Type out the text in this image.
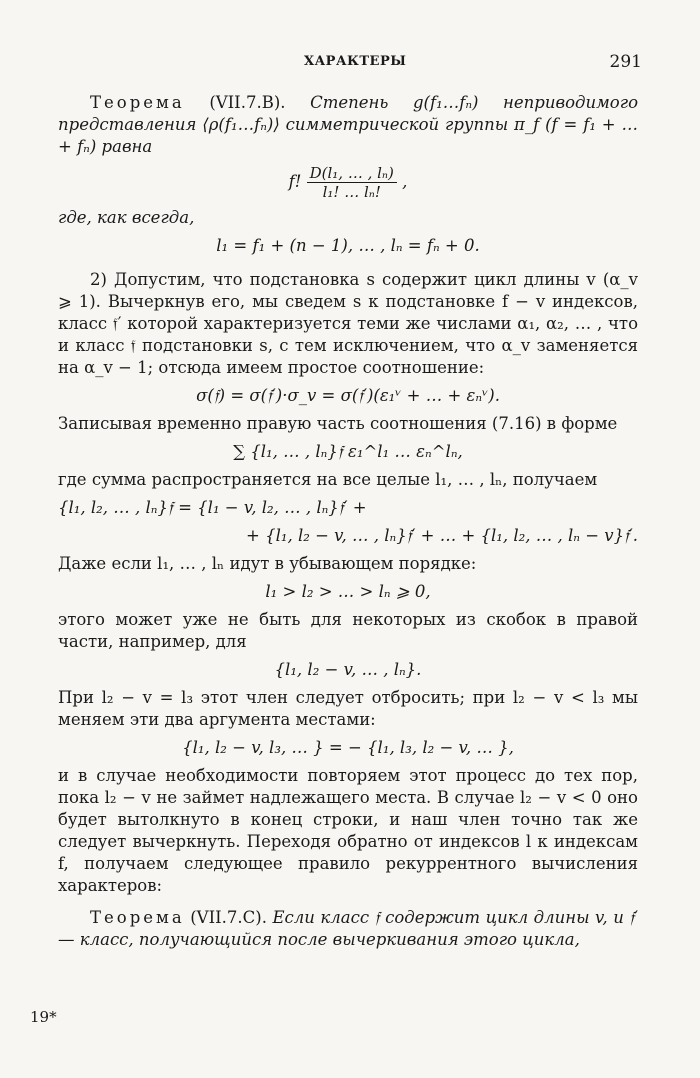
ХАРАКТЕРЫ	291

Теорема (VII.7.B). Степень g(f₁…fₙ) неприводимого представления ⟨ρ(f₁…fₙ)⟩ симметрической группы π_f (f = f₁ + … + fₙ) равна

f! $\frac{\text{D(l₁, … , lₙ)}}{\text{l₁! … lₙ!}}$ ,

где, как всегда,

l₁ = f₁ + (n − 1), … , lₙ = fₙ + 0.

2) Допустим, что подстановка s содержит цикл длины v (α_v ⩾ 1). Вычеркнув его, мы сведем s к подстановке f − v индексов, класс 𝔣′ которой характеризуется теми же числами α₁, α₂, … , что и класс 𝔣 подстановки s, с тем исключением, что α_v заменяется на α_v − 1; отсюда имеем простое соотношение:

σ(𝔣) = σ(𝔣′)·σ_v = σ(𝔣′)(ε₁ᵛ + … + εₙᵛ).

Записывая временно правую часть соотношения (7.16) в форме

∑ {l₁, … , lₙ}𝔣 ε₁^l₁ … εₙ^lₙ,

где сумма распространяется на все целые l₁, … , lₙ, получаем

{l₁, l₂, … , lₙ}𝔣 = {l₁ − v, l₂, … , lₙ}𝔣′ +
+ {l₁, l₂ − v, … , lₙ}𝔣′ + … + {l₁, l₂, … , lₙ − v}𝔣′.

Даже если l₁, … , lₙ идут в убывающем порядке:

l₁ > l₂ > … > lₙ ⩾ 0,

этого может уже не быть для некоторых из скобок в правой части, например, для

{l₁, l₂ − v, … , lₙ}.

При l₂ − v = l₃ этот член следует отбросить; при l₂ − v < l₃ мы меняем эти два аргумента местами:

{l₁, l₂ − v, l₃, … } = − {l₁, l₃, l₂ − v, … },

и в случае необходимости повторяем этот процесс до тех пор, пока l₂ − v не займет надлежащего места. В случае l₂ − v < 0 оно будет вытолкнуто в конец строки, и наш член точно так же следует вычеркнуть. Переходя обратно от индексов l к индексам f, получаем следующее правило рекуррентного вычисления характеров:

Теорема (VII.7.C). Если класс 𝔣 содержит цикл длины v, и 𝔣′ — класс, получающийся после вычеркивания этого цикла,

19*
